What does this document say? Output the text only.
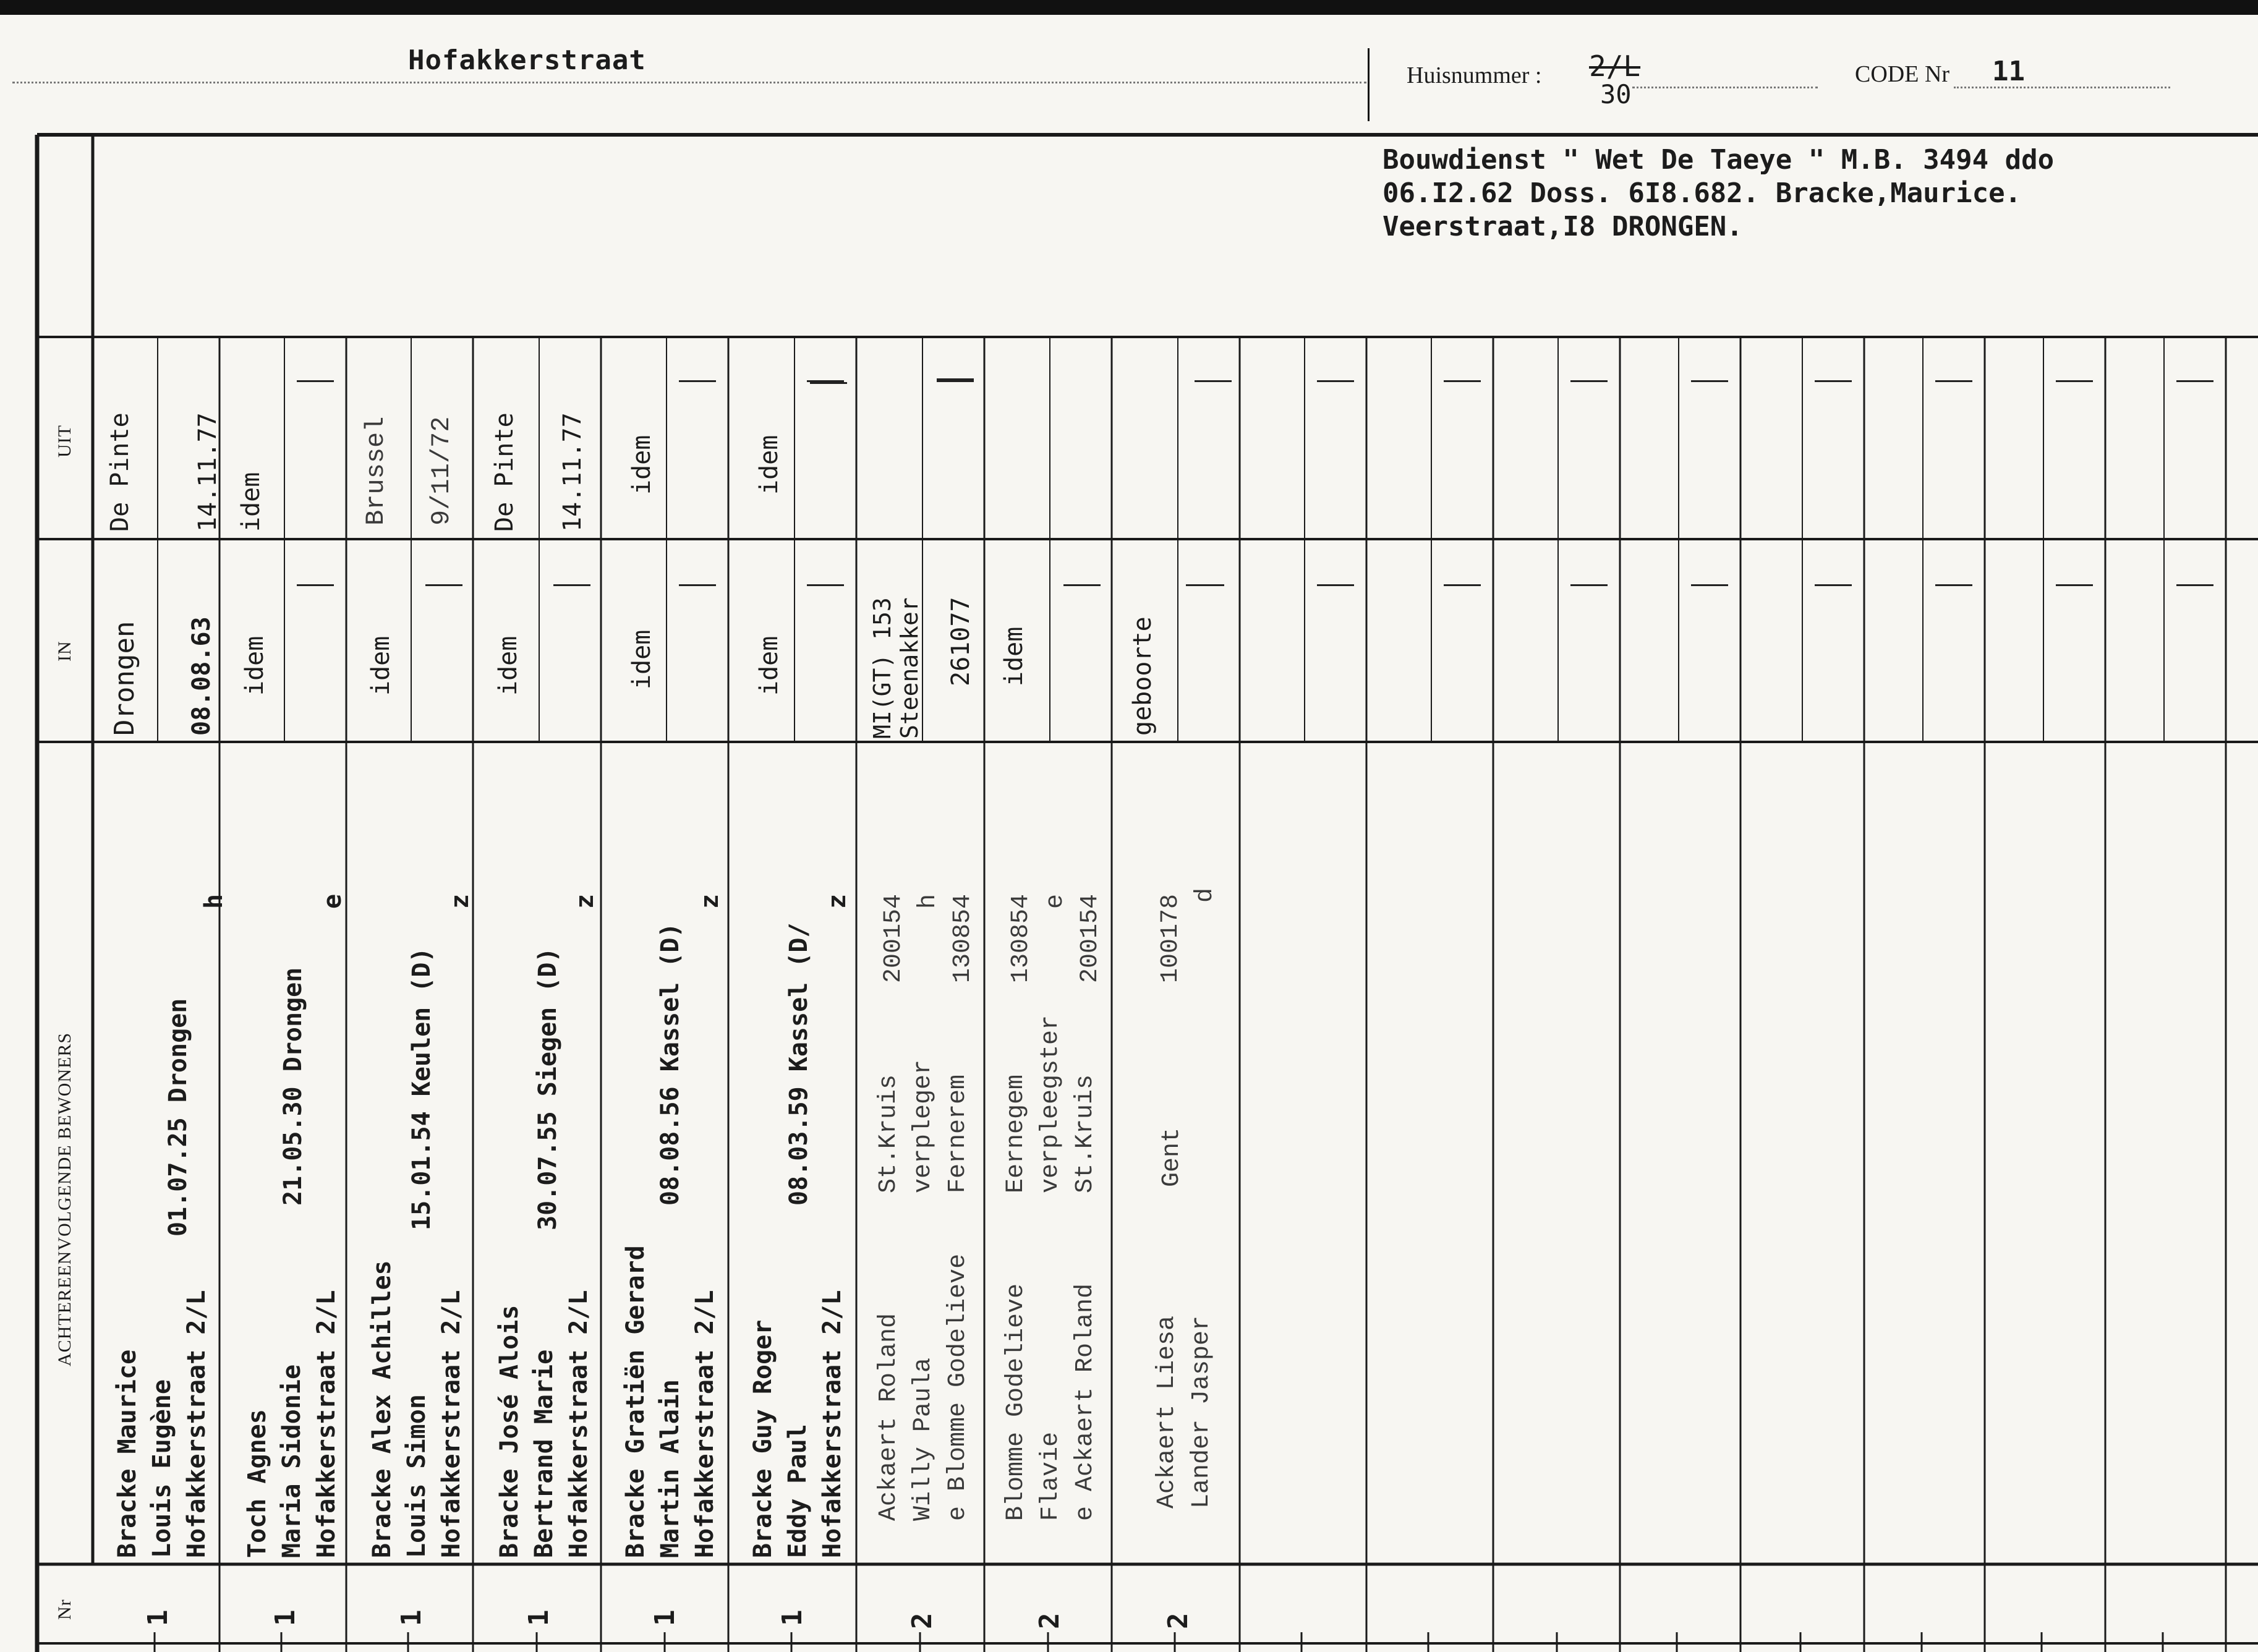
Hofakkerstraat	Huisnummer : 2/L
30
CODE Nr 11
UIT
IN
ACHTEREENVOLGENDE BEWONERS
Nr
Bouwdienst " Wet De Taeye " M.B. 3494 ddo
06.I2.62 Doss. 6I8.682. Bracke,Maurice.
Veerstraat,I8 DRONGEN.
De Pinte 14.11.77
Drongen 08.08.63
Bracke Maurice Louis Eugène Hofakkerstraat 2/L
01.07.25 Drongen
h
1
idem
idem
Toch Agnes Maria Sidonie Hofakkerstraat 2/L
21.05.30 Drongen
e
1
Brussel 9/11/72
idem
Bracke Alex Achilles Louis Simon Hofakkerstraat 2/L
15.01.54 Keulen (D)
z
1
De Pinte 14.11.77
idem
Bracke José Alois Bertrand Marie Hofakkerstraat 2/L
30.07.55 Siegen (D)
z
1
idem
idem
Bracke Gratiën Gerard Martin Alain Hofakkerstraat 2/L
08.08.56 Kassel (D)
z
1
idem
idem
Bracke Guy Roger Eddy Paul Hofakkerstraat 2/L
08.03.59 Kassel (D/
z
1
MI(GT) 153 Steenakker 261077
Ackaert Roland Willy Paula e Blomme Godelieve
St.Kruis verpleger Fernerem
200154 h 130854
2
idem
Blomme Godelieve Flavie e Ackaert Roland
Eernegem verpleegster St.Kruis
130854 e 200154
2
geboorte
Ackaert Liesa Lander Jasper
Gent
100178 d
2
